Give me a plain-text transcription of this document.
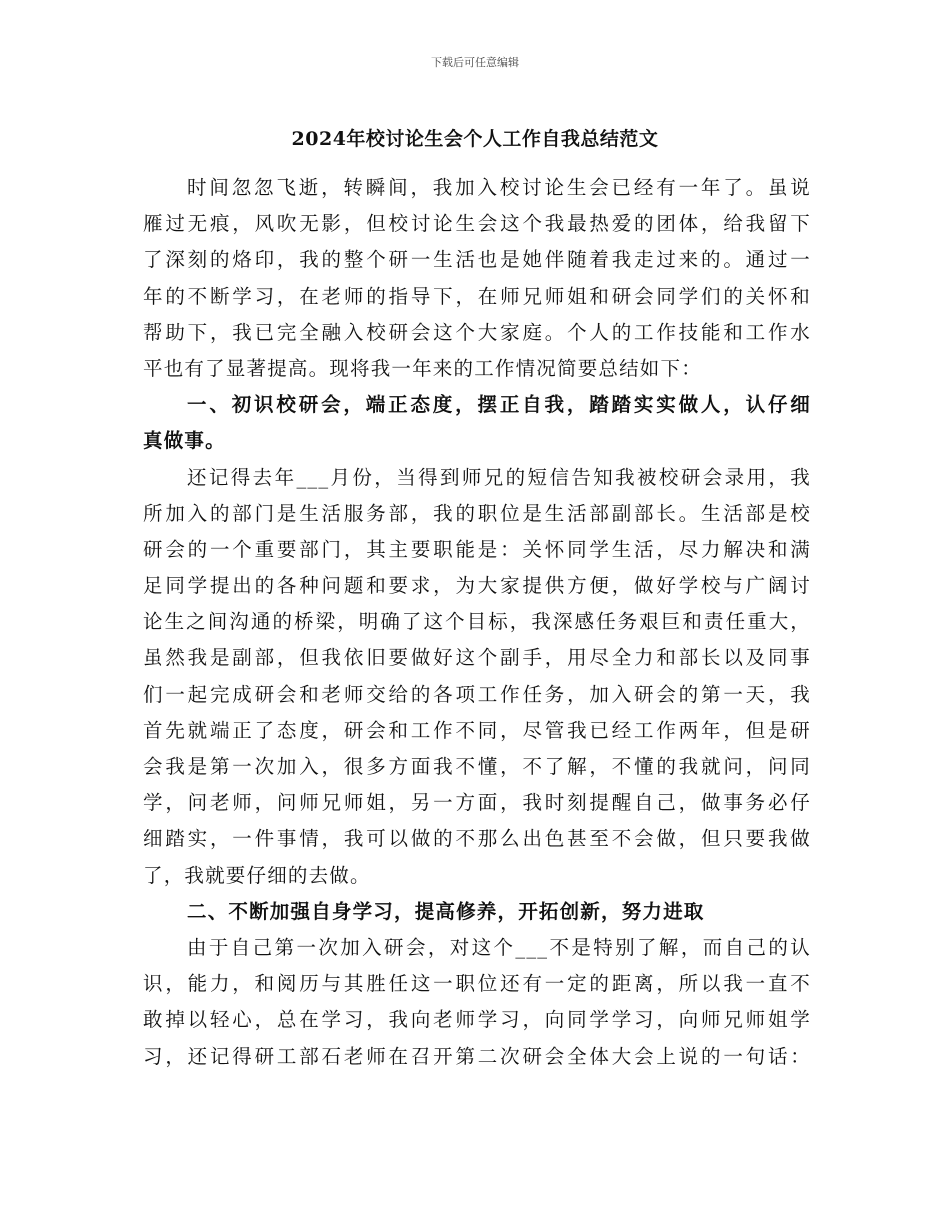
下载后可任意编辑
2024年校讨论生会个人工作自我总结范文
时间忽忽飞逝，转瞬间，我加入校讨论生会已经有一年了。虽说
雁过无痕，风吹无影，但校讨论生会这个我最热爱的团体，给我留下
了深刻的烙印，我的整个研一生活也是她伴随着我走过来的。通过一
年的不断学习，在老师的指导下，在师兄师姐和研会同学们的关怀和
帮助下，我已完全融入校研会这个大家庭。个人的工作技能和工作水
平也有了显著提高。现将我一年来的工作情况简要总结如下：
一、初识校研会，端正态度，摆正自我，踏踏实实做人，认仔细
真做事。
还记得去年___月份，当得到师兄的短信告知我被校研会录用，我
所加入的部门是生活服务部，我的职位是生活部副部长。生活部是校
研会的一个重要部门，其主要职能是：关怀同学生活，尽力解决和满
足同学提出的各种问题和要求，为大家提供方便，做好学校与广阔讨
论生之间沟通的桥梁，明确了这个目标，我深感任务艰巨和责任重大，
虽然我是副部，但我依旧要做好这个副手，用尽全力和部长以及同事
们一起完成研会和老师交给的各项工作任务，加入研会的第一天，我
首先就端正了态度，研会和工作不同，尽管我已经工作两年，但是研
会我是第一次加入，很多方面我不懂，不了解，不懂的我就问，问同
学，问老师，问师兄师姐，另一方面，我时刻提醒自己，做事务必仔
细踏实，一件事情，我可以做的不那么出色甚至不会做，但只要我做
了，我就要仔细的去做。
二、不断加强自身学习，提高修养，开拓创新，努力进取
由于自己第一次加入研会，对这个___不是特别了解，而自己的认
识，能力，和阅历与其胜任这一职位还有一定的距离，所以我一直不
敢掉以轻心，总在学习，我向老师学习，向同学学习，向师兄师姐学
习，还记得研工部石老师在召开第二次研会全体大会上说的一句话：
